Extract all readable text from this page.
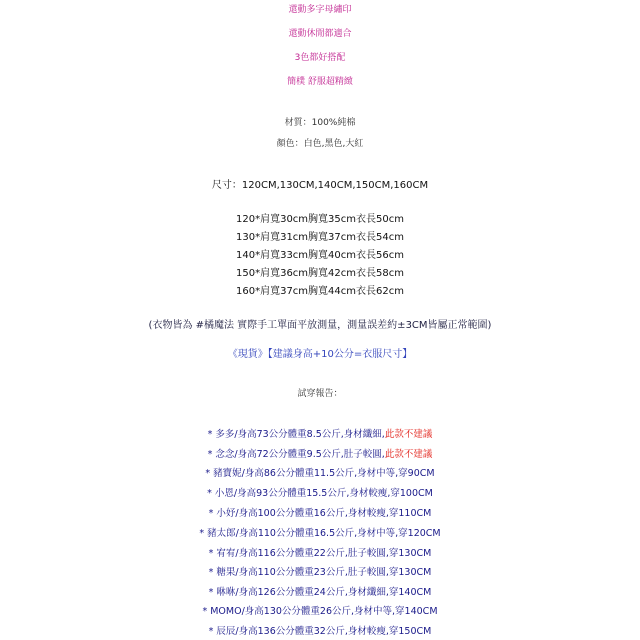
還動多字母繡印
還動休閒都適合
3色都好搭配
簡樸 舒服超精緻
材質：100%純棉
顏色：白色,黑色,大紅
尺寸：120CM,130CM,140CM,150CM,160CM
120*肩寬30cm胸寬35cm衣長50cm
130*肩寬31cm胸寬37cm衣長54cm
140*肩寬33cm胸寬40cm衣長56cm
150*肩寬36cm胸寬42cm衣長58cm
160*肩寬37cm胸寬44cm衣長62cm
(衣物皆為 #橘魔法 實際手工單面平放測量，測量誤差約±3CM皆屬正常範圍)
《現貨》【建議身高+10公分=衣服尺寸】
試穿報告：
* 多多/身高73公分體重8.5公斤,身材纖細,此款不建議
* 念念/身高72公分體重9.5公斤,肚子較圓,此款不建議
* 豬寶妮/身高86公分體重11.5公斤,身材中等,穿90CM
* 小恩/身高93公分體重15.5公斤,身材較瘦,穿100CM
* 小妤/身高100公分體重16公斤,身材較瘦,穿110CM
* 豬太郎/身高110公分體重16.5公斤,身材中等,穿120CM
* 宥宥/身高116公分體重22公斤,肚子較圓,穿130CM
* 糖果/身高110公分體重23公斤,肚子較圓,穿130CM
* 咻咻/身高126公分體重24公斤,身材纖細,穿140CM
* MOMO/身高130公分體重26公斤,身材中等,穿140CM
* 辰辰/身高136公分體重32公斤,身材較瘦,穿150CM
